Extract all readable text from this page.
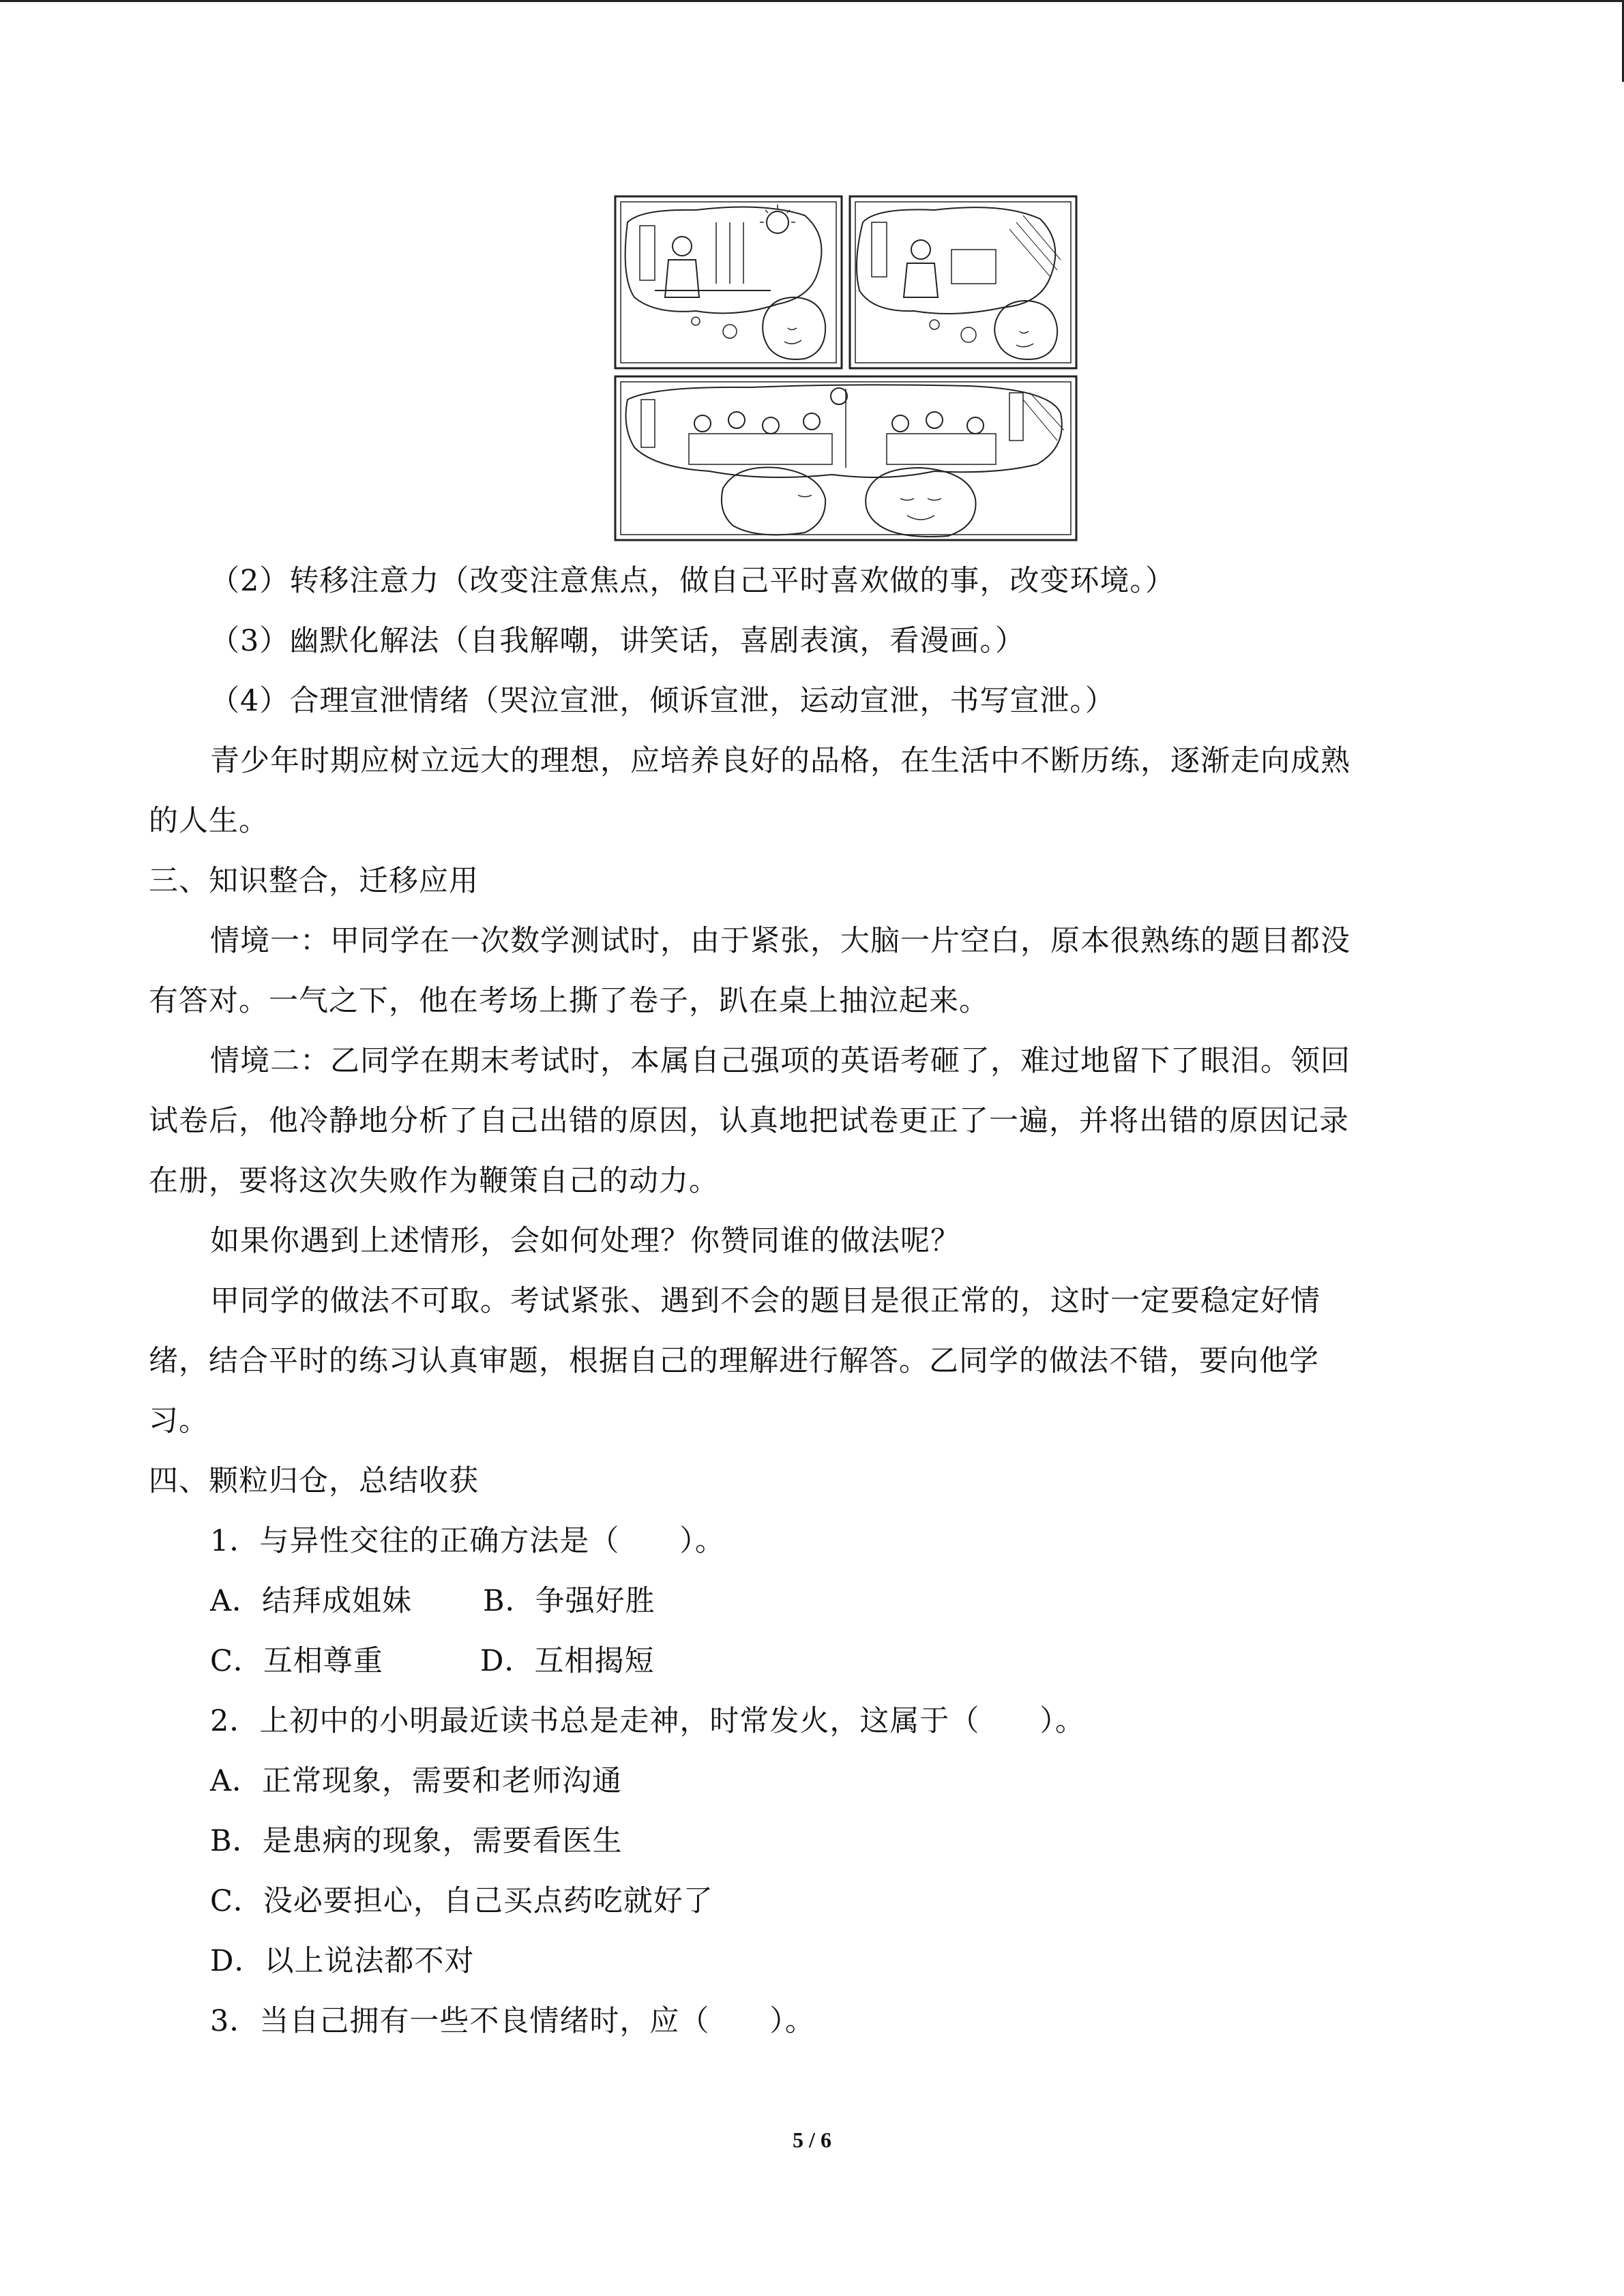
（2）转移注意力（改变注意焦点，做自己平时喜欢做的事，改变环境。）
（3）幽默化解法（自我解嘲，讲笑话，喜剧表演，看漫画。）
（4）合理宣泄情绪（哭泣宣泄，倾诉宣泄，运动宣泄，书写宣泄。）
青少年时期应树立远大的理想，应培养良好的品格，在生活中不断历练，逐渐走向成熟
的人生。
三、知识整合，迁移应用
情境一：甲同学在一次数学测试时，由于紧张，大脑一片空白，原本很熟练的题目都没
有答对。一气之下，他在考场上撕了卷子，趴在桌上抽泣起来。
情境二：乙同学在期末考试时，本属自己强项的英语考砸了，难过地留下了眼泪。领回
试卷后，他冷静地分析了自己出错的原因，认真地把试卷更正了一遍，并将出错的原因记录
在册，要将这次失败作为鞭策自己的动力。
如果你遇到上述情形，会如何处理？你赞同谁的做法呢？
甲同学的做法不可取。考试紧张、遇到不会的题目是很正常的，这时一定要稳定好情
绪，结合平时的练习认真审题，根据自己的理解进行解答。乙同学的做法不错，要向他学
习。
四、颗粒归仓，总结收获
1．与异性交往的正确方法是（　　）。
A．结拜成姐妹 B．争强好胜
C．互相尊重	D．互相揭短
2．上初中的小明最近读书总是走神，时常发火，这属于（　　）。
A．正常现象，需要和老师沟通
B．是患病的现象，需要看医生
C．没必要担心，自己买点药吃就好了
D．以上说法都不对
3．当自己拥有一些不良情绪时，应（　　）。
5 / 6
